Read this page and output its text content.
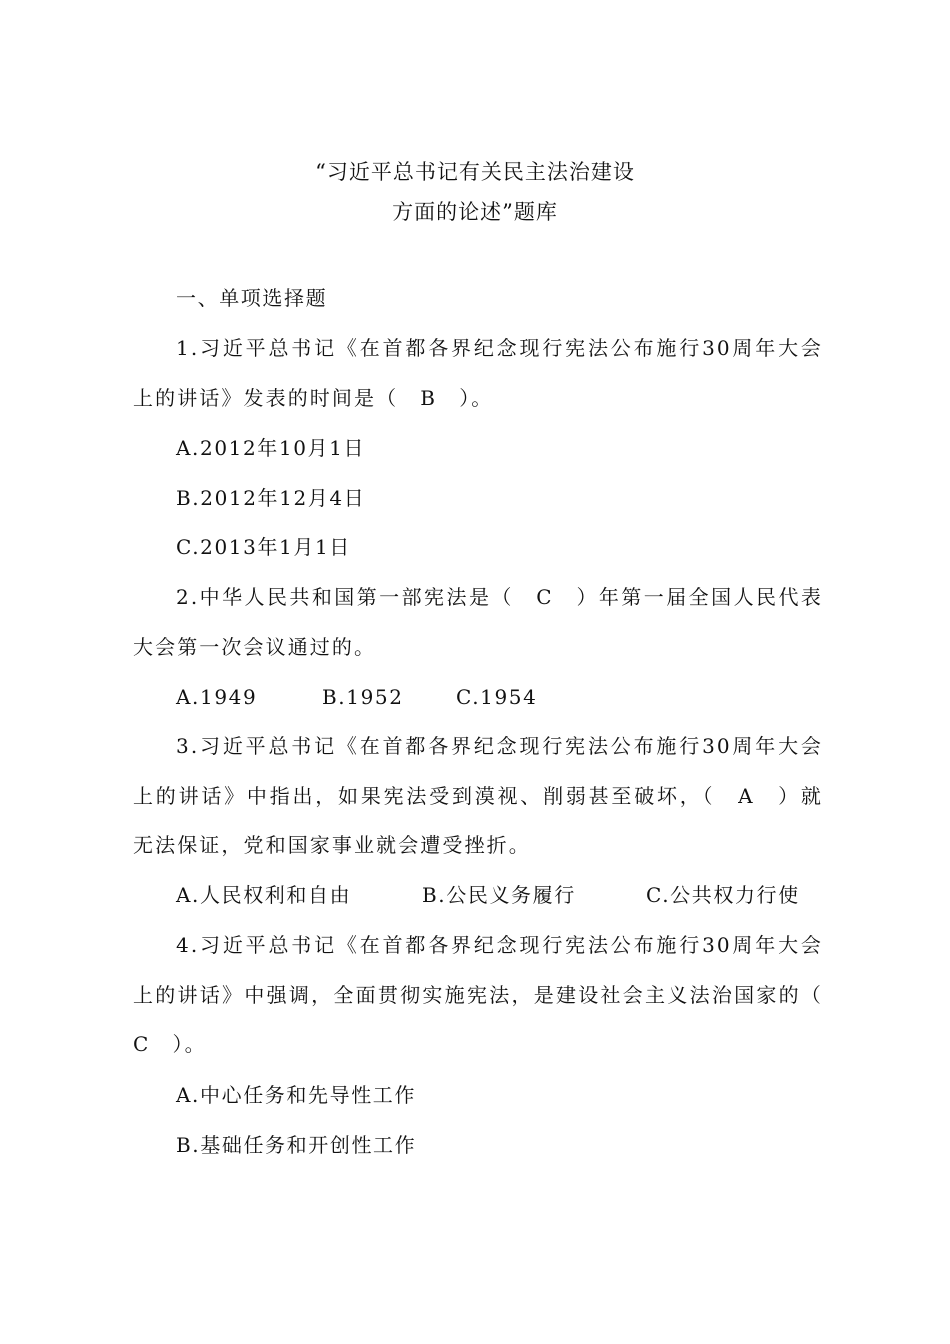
“习近平总书记有关民主法治建设
方面的论述”题库
一、单项选择题
1.习近平总书记《在首都各界纪念现行宪法公布施行30周年大会上的讲话》发表的时间是（　B　）。
A.2012年10月1日
B.2012年12月4日
C.2013年1月1日
2.中华人民共和国第一部宪法是（　C　）年第一届全国人民代表大会第一次会议通过的。
A.1949	B.1952	C.1954
3.习近平总书记《在首都各界纪念现行宪法公布施行30周年大会上的讲话》中指出，如果宪法受到漠视、削弱甚至破坏，（　A　）就无法保证，党和国家事业就会遭受挫折。
A.人民权利和自由	B.公民义务履行	C.公共权力行使
4.习近平总书记《在首都各界纪念现行宪法公布施行30周年大会上的讲话》中强调，全面贯彻实施宪法，是建设社会主义法治国家的（　C　）。
A.中心任务和先导性工作
B.基础任务和开创性工作
